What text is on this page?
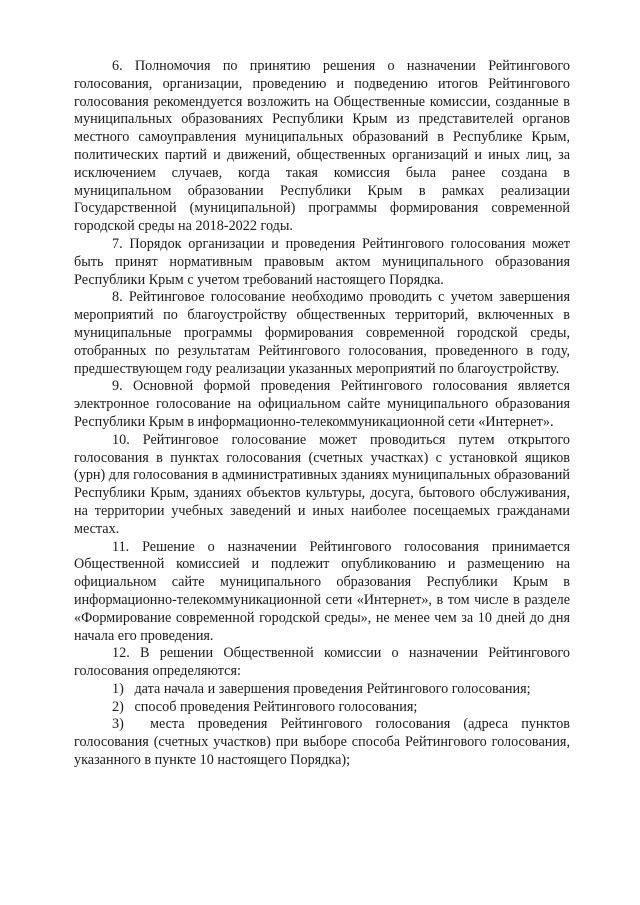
6. Полномочия по принятию решения о назначении Рейтингового голосования, организации, проведению и подведению итогов Рейтингового голосования рекомендуется возложить на Общественные комиссии, созданные в муниципальных образованиях Республики Крым из представителей органов местного самоуправления муниципальных образований в Республике Крым, политических партий и движений, общественных организаций и иных лиц, за исключением случаев, когда такая комиссия была ранее создана в муниципальном образовании Республики Крым в рамках реализации Государственной (муниципальной) программы формирования современной городской среды на 2018-2022 годы.

7. Порядок организации и проведения Рейтингового голосования может быть принят нормативным правовым актом муниципального образования Республики Крым с учетом требований настоящего Порядка.

8. Рейтинговое голосование необходимо проводить с учетом завершения мероприятий по благоустройству общественных территорий, включенных в муниципальные программы формирования современной городской среды, отобранных по результатам Рейтингового голосования, проведенного в году, предшествующем году реализации указанных мероприятий по благоустройству.

9. Основной формой проведения Рейтингового голосования является электронное голосование на официальном сайте муниципального образования Республики Крым в информационно-телекоммуникационной сети «Интернет».

10. Рейтинговое голосование может проводиться путем открытого голосования в пунктах голосования (счетных участках) с установкой ящиков (урн) для голосования в административных зданиях муниципальных образований Республики Крым, зданиях объектов культуры, досуга, бытового обслуживания, на территории учебных заведений и иных наиболее посещаемых гражданами местах.

11. Решение о назначении Рейтингового голосования принимается Общественной комиссией и подлежит опубликованию и размещению на официальном сайте муниципального образования Республики Крым в информационно-телекоммуникационной сети «Интернет», в том числе в разделе «Формирование современной городской среды», не менее чем за 10 дней до дня начала его проведения.

12. В решении Общественной комиссии о назначении Рейтингового голосования определяются:

1) дата начала и завершения проведения Рейтингового голосования;

2) способ проведения Рейтингового голосования;

3) места проведения Рейтингового голосования (адреса пунктов голосования (счетных участков) при выборе способа Рейтингового голосования, указанного в пункте 10 настоящего Порядка);
